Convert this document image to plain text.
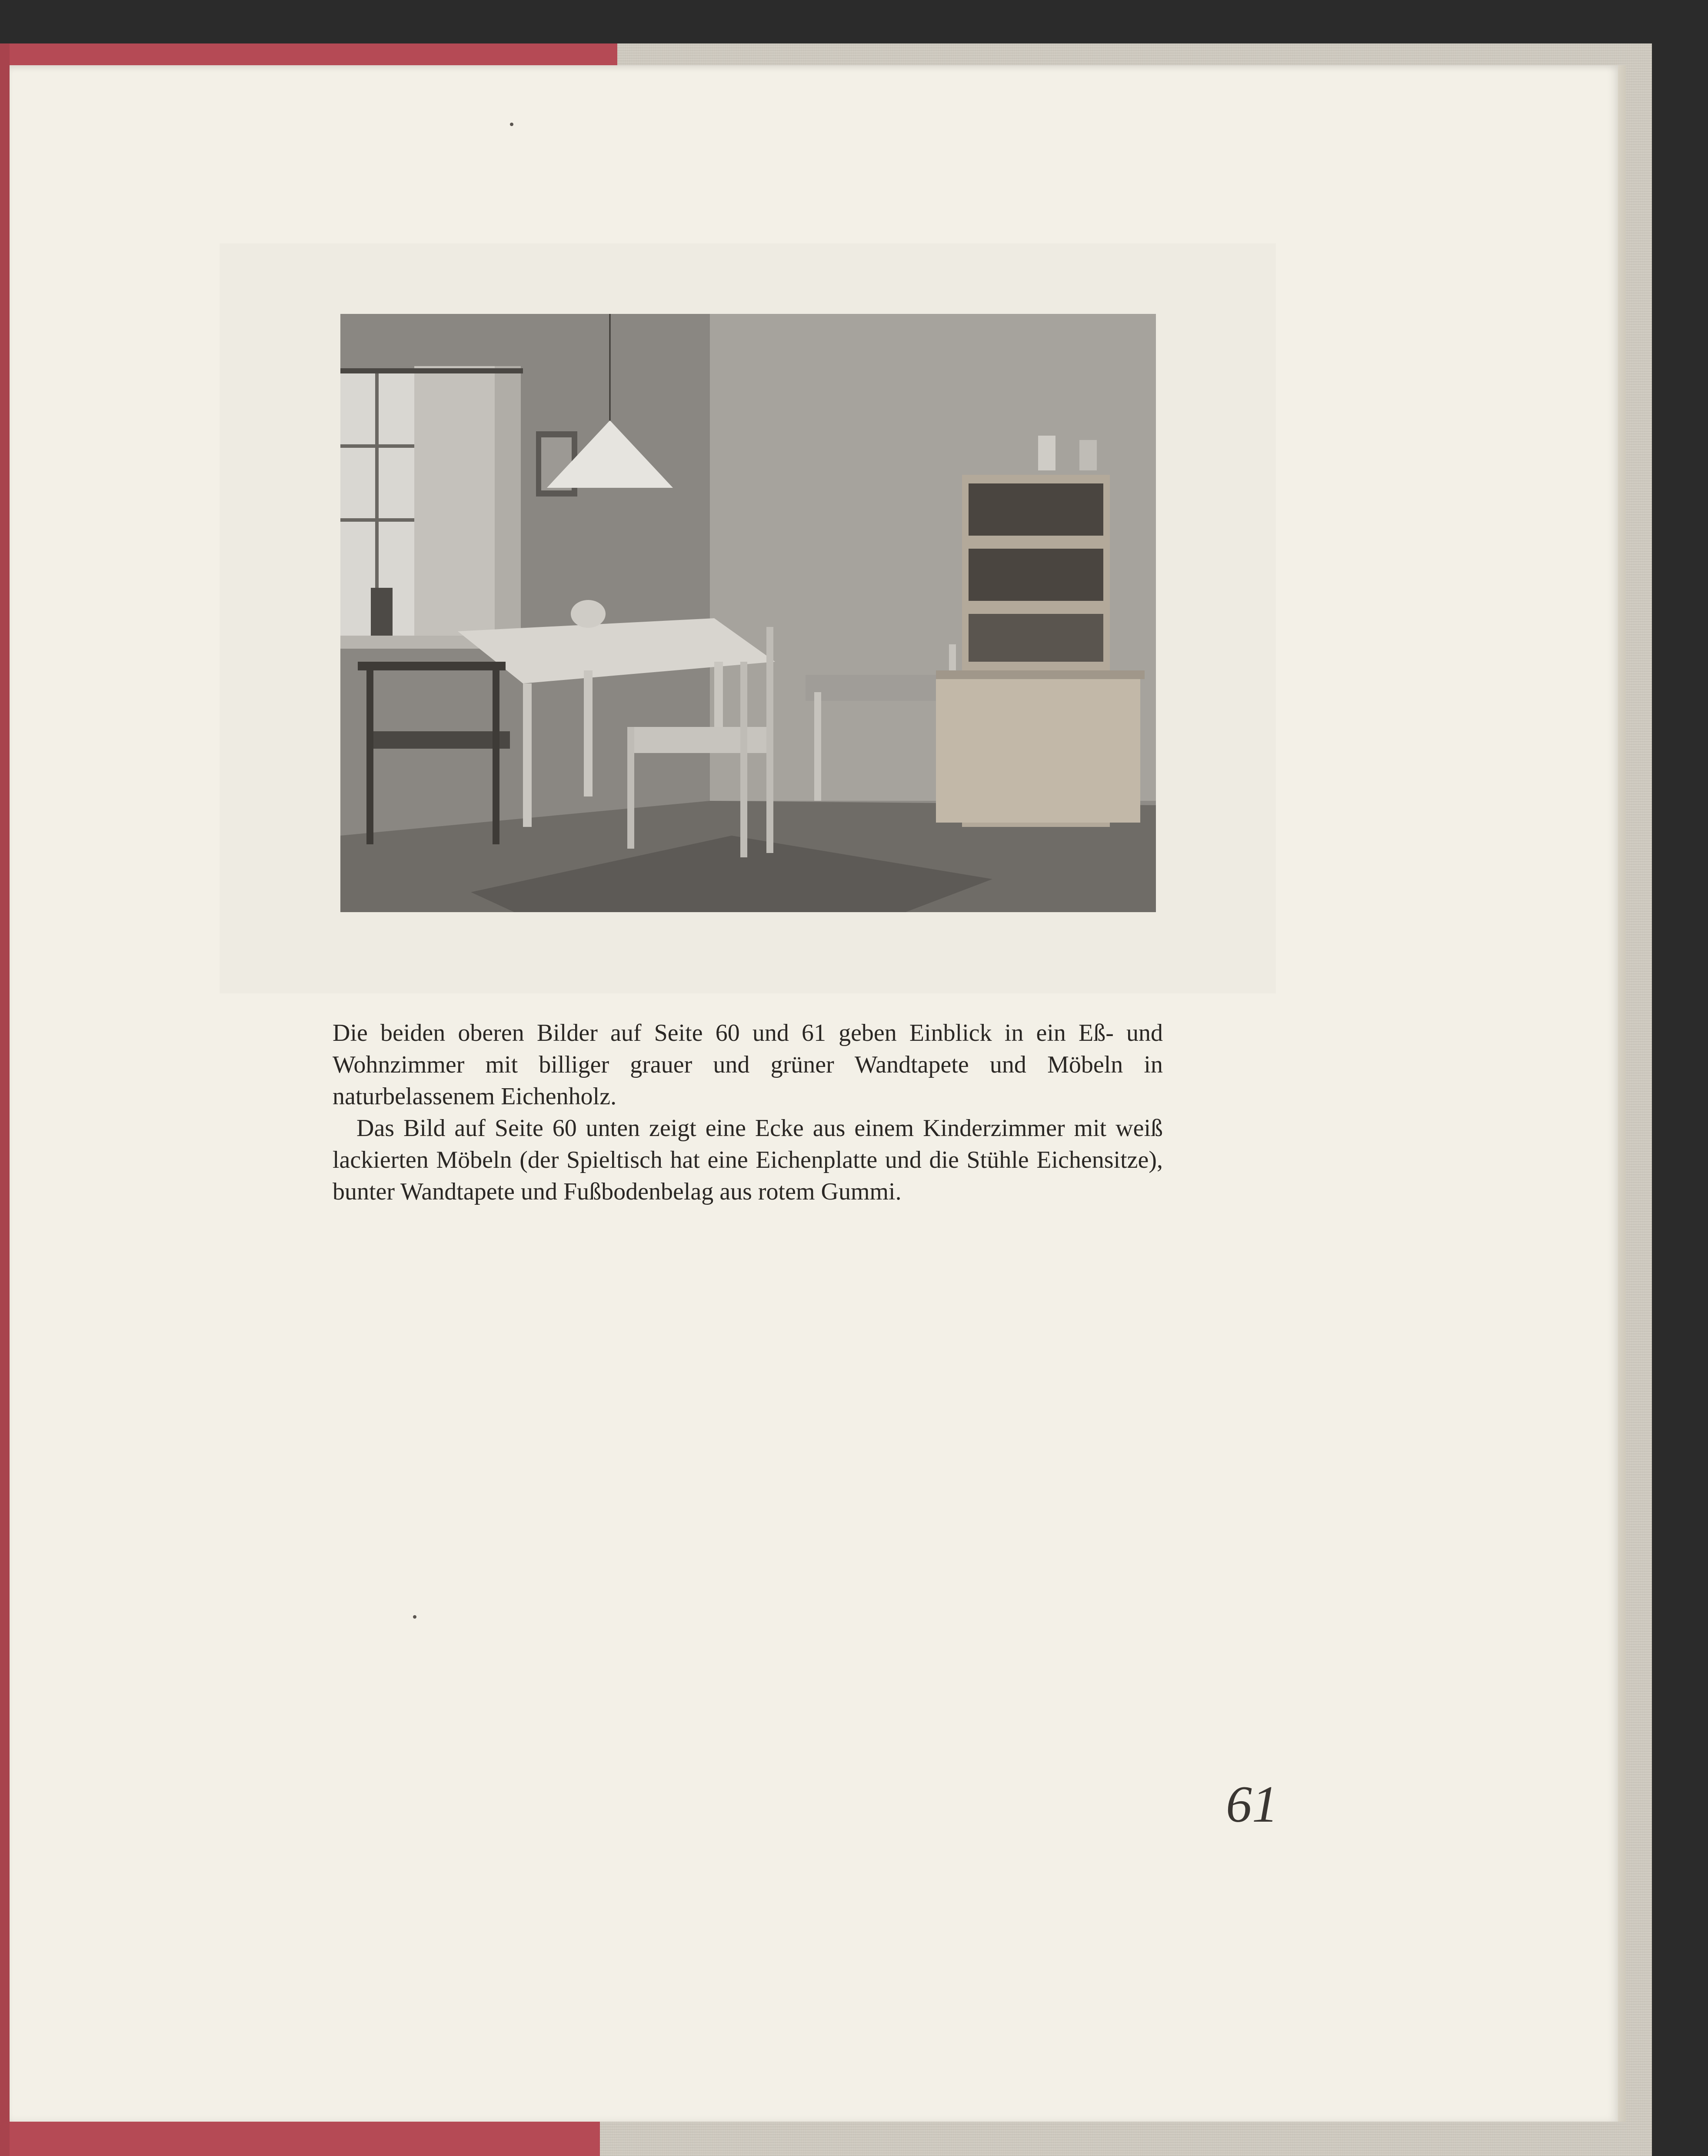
Die beiden oberen Bilder auf Seite 60 und 61 geben Einblick in ein Eß- und Wohnzimmer mit billiger grauer und grüner Wandtapete und Möbeln in naturbelassenem Eichenholz.

Das Bild auf Seite 60 unten zeigt eine Ecke aus einem Kinderzimmer mit weiß lackierten Möbeln (der Spieltisch hat eine Eichenplatte und die Stühle Eichensitze), bunter Wandtapete und Fußbodenbelag aus rotem Gummi.

61
